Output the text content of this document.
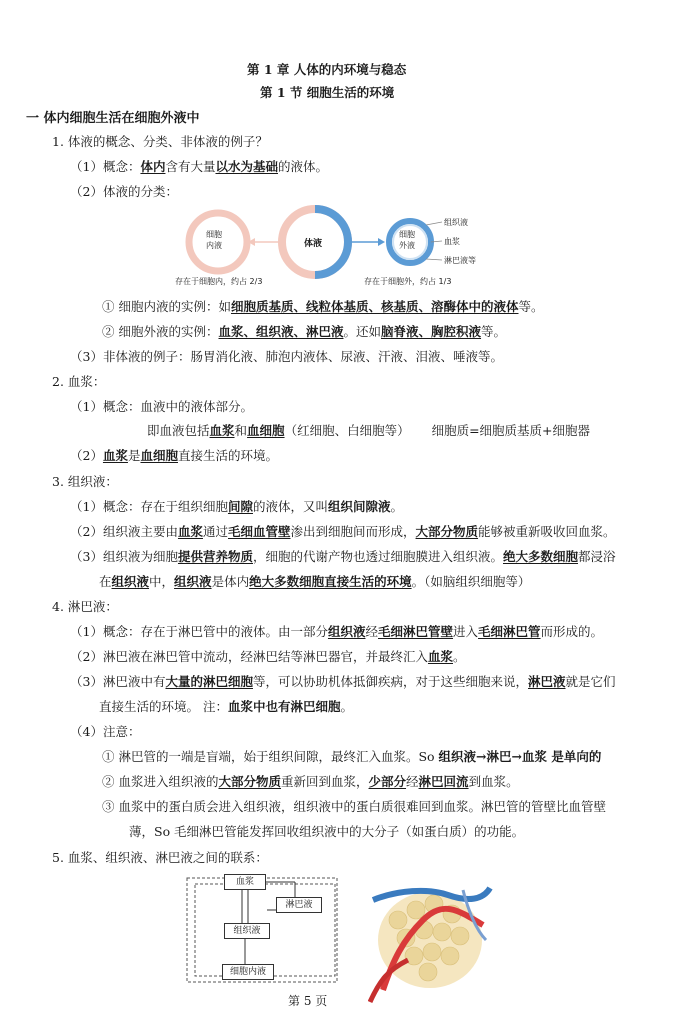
第 1 章 人体的内环境与稳态
第 1 节 细胞生活的环境
一 体内细胞生活在细胞外液中
1. 体液的概念、分类、非体液的例子？
（1）概念：体内含有大量以水为基础的液体。
（2）体液的分类：
细胞
内液	体液
细胞
外液
组织液
血浆
淋巴液等
存在于细胞内，约占 2/3	存在于细胞外，约占 1/3
① 细胞内液的实例：如细胞质基质、线粒体基质、核基质、溶酶体中的液体等。
② 细胞外液的实例：血浆、组织液、淋巴液。还如脑脊液、胸腔积液等。
（3）非体液的例子：肠胃消化液、肺泡内液体、尿液、汗液、泪液、唾液等。
2. 血浆：
（1）概念：血液中的液体部分。
即血液包括血浆和血细胞（红细胞、白细胞等） 细胞质=细胞质基质+细胞器
（2）血浆是血细胞直接生活的环境。
3. 组织液：
（1）概念：存在于组织细胞间隙的液体，又叫组织间隙液。
（2）组织液主要由血浆通过毛细血管壁渗出到细胞间而形成，大部分物质能够被重新吸收回血浆。
（3）组织液为细胞提供营养物质，细胞的代谢产物也透过细胞膜进入组织液。绝大多数细胞都浸浴
在组织液中，组织液是体内绝大多数细胞直接生活的环境。（如脑组织细胞等）
4. 淋巴液：
（1）概念：存在于淋巴管中的液体。由一部分组织液经毛细淋巴管壁进入毛细淋巴管而形成的。
（2）淋巴液在淋巴管中流动，经淋巴结等淋巴器官，并最终汇入血浆。
（3）淋巴液中有大量的淋巴细胞等，可以协助机体抵御疾病，对于这些细胞来说，淋巴液就是它们
直接生活的环境。 注：血浆中也有淋巴细胞。
（4）注意：
① 淋巴管的一端是盲端，始于组织间隙，最终汇入血浆。So 组织液→淋巴→血浆 是单向的
② 血浆进入组织液的大部分物质重新回到血浆，少部分经淋巴回流到血浆。
③ 血浆中的蛋白质会进入组织液，组织液中的蛋白质很难回到血浆。淋巴管的管壁比血管壁
薄，So 毛细淋巴管能发挥回收组织液中的大分子（如蛋白质）的功能。
5. 血浆、组织液、淋巴液之间的联系：
血浆
淋巴液
组织液
细胞内液
第 5 页
